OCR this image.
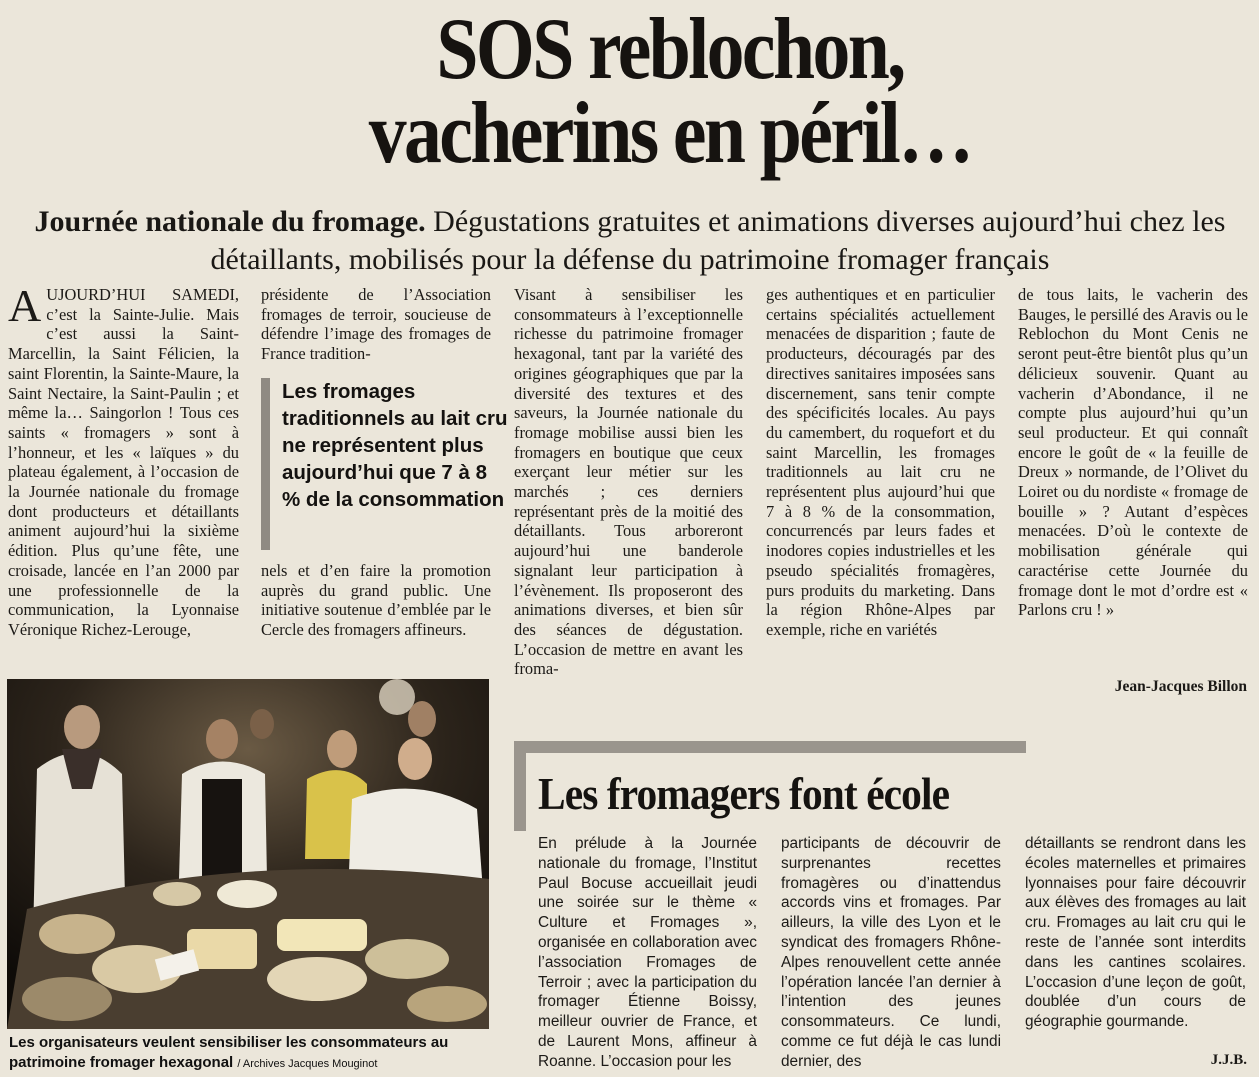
SOS reblochon,
vacherins en péril…
Journée nationale du fromage. Dégustations gratuites et animations diverses aujourd’hui chez les détaillants, mobilisés pour la défense du patrimoine fromager français
A UJOURD’HUI SAMEDI, c’est la Sainte-Julie. Mais c’est aussi la Saint-Marcellin, la Saint Félicien, la saint Florentin, la Sainte-Maure, la Saint Nectaire, la Saint-Paulin ; et même la… Saingorlon ! Tous ces saints « fromagers » sont à l’honneur, et les « laïques » du plateau également, à l’occasion de la Journée nationale du fromage dont producteurs et détaillants animent aujourd’hui la sixième édition. Plus qu’une fête, une croisade, lancée en l’an 2000 par une professionnelle de la communication, la Lyonnaise Véronique Richez-Lerouge,

présidente de l’Association fromages de terroir, soucieuse de défendre l’image des fromages de France tradition-

Les fromages traditionnels au lait cru ne représentent plus aujourd’hui que 7 à 8 % de la consommation

nels et d’en faire la promotion auprès du grand public. Une initiative soutenue d’emblée par le Cercle des fromagers affineurs.

Visant à sensibiliser les consommateurs à l’exceptionnelle richesse du patrimoine fromager hexagonal, tant par la variété des origines géographiques que par la diversité des textures et des saveurs, la Journée nationale du fromage mobilise aussi bien les fromagers en boutique que ceux exerçant leur métier sur les marchés ; ces derniers représentant près de la moitié des détaillants. Tous arboreront aujourd’hui une banderole signalant leur participation à l’évènement. Ils proposeront des animations diverses, et bien sûr des séances de dégustation. L’occasion de mettre en avant les froma-

ges authentiques et en particulier certains spécialités actuellement menacées de disparition ; faute de producteurs, découragés par des directives sanitaires imposées sans discernement, sans tenir compte des spécificités locales. Au pays du camembert, du roquefort et du saint Marcellin, les fromages traditionnels au lait cru ne représentent plus aujourd’hui que 7 à 8 % de la consommation, concurrencés par leurs fades et inodores copies industrielles et les pseudo spécialités fromagères, purs produits du marketing. Dans la région Rhône-Alpes par exemple, riche en variétés

de tous laits, le vacherin des Bauges, le persillé des Aravis ou le Reblochon du Mont Cenis ne seront peut-être bientôt plus qu’un délicieux souvenir. Quant au vacherin d’Abondance, il ne compte plus aujourd’hui qu’un seul producteur. Et qui connaît encore le goût de « la feuille de Dreux » normande, de l’Olivet du Loiret ou du nordiste « fromage de bouille » ? Autant d’espèces menacées. D’où le contexte de mobilisation générale qui caractérise cette Journée du fromage dont le mot d’ordre est « Parlons cru ! »

Jean-Jacques Billon
Les organisateurs veulent sensibiliser les consommateurs au patrimoine fromager hexagonal / Archives Jacques Mouginot
Les fromagers font école

En prélude à la Journée nationale du fromage, l’Institut Paul Bocuse accueillait jeudi une soirée sur le thème « Culture et Fromages », organisée en collaboration avec l’association Fromages de Terroir ; avec la participation du fromager Étienne Boissy, meilleur ouvrier de France, et de Laurent Mons, affineur à Roanne. L’occasion pour les

participants de découvrir de surprenantes recettes fromagères ou d’inattendus accords vins et fromages. Par ailleurs, la ville des Lyon et le syndicat des fromagers Rhône-Alpes renouvellent cette année l’opération lancée l’an dernier à l’intention des jeunes consommateurs. Ce lundi, comme ce fut déjà le cas lundi dernier, des

détaillants se rendront dans les écoles maternelles et primaires lyonnaises pour faire découvrir aux élèves des fromages au lait cru. Fromages au lait cru qui le reste de l’année sont interdits dans les cantines scolaires. L’occasion d’une leçon de goût, doublée d’un cours de géographie gourmande.

J.J.B.
